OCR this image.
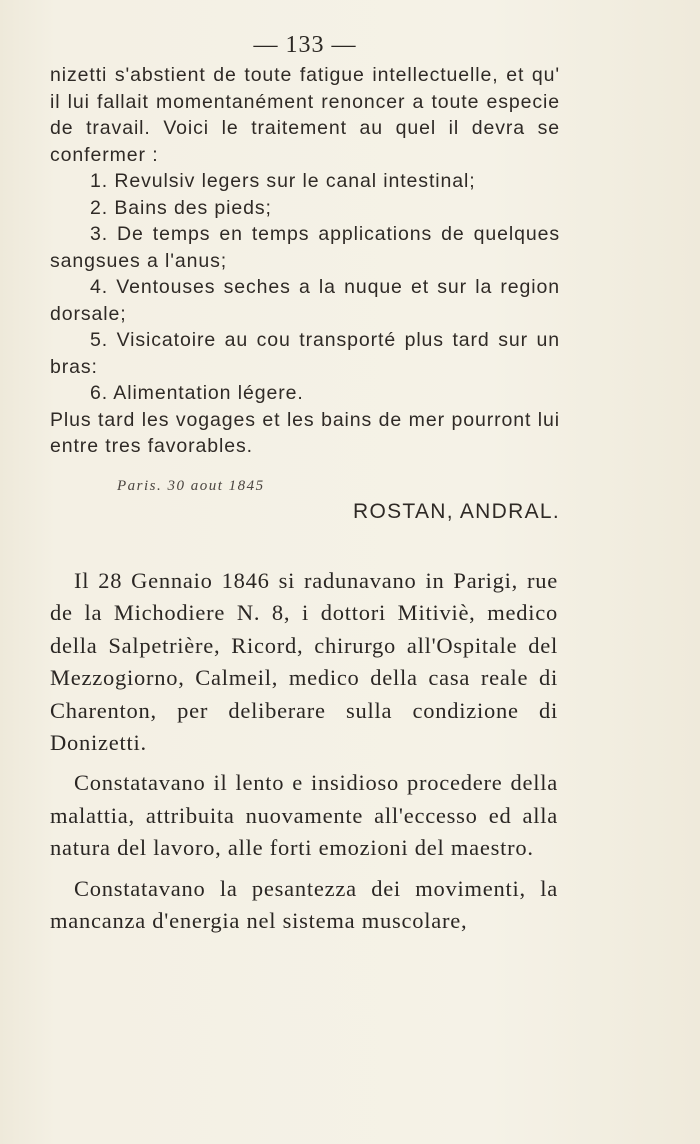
— 133 —

nizetti s'abstient de toute fatigue intellectuelle, et qu' il lui fallait momentanément renoncer a toute especie de travail. Voici le traitement au quel il devra se confermer :

1. Revulsiv legers sur le canal intestinal;

2. Bains des pieds;

3. De temps en temps applications de quelques sangsues a l'anus;

4. Ventouses seches a la nuque et sur la region dorsale;

5. Visicatoire au cou transporté plus tard sur un bras:

6. Alimentation légere.

Plus tard les vogages et les bains de mer pourront lui entre tres favorables.

Paris. 30 aout 1845
ROSTAN, ANDRAL.

Il 28 Gennaio 1846 si radunavano in Parigi, rue de la Michodiere N. 8, i dottori Mitiviè, medico della Salpetrière, Ricord, chirurgo all'Ospitale del Mezzogiorno, Calmeil, medico della casa reale di Charenton, per deliberare sulla condizione di Donizetti.

Constatavano il lento e insidioso procedere della malattia, attribuita nuovamente all'eccesso ed alla natura del lavoro, alle forti emozioni del maestro.

Constatavano la pesantezza dei movimenti, la mancanza d'energia nel sistema muscolare,
